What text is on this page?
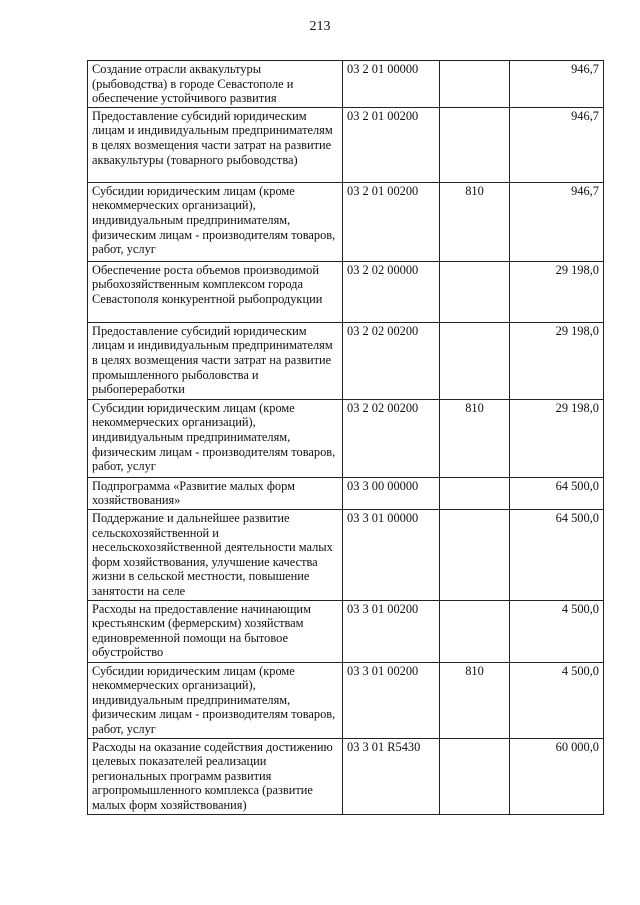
213
Создание отрасли аквакультуры (рыбоводства) в городе Севастополе и обеспечение устойчивого развития	03 2 01 00000		946,7
Предоставление субсидий юридическим лицам и индивидуальным предпринимателям в целях возмещения части затрат на развитие аквакультуры (товарного рыбоводства)	03 2 01 00200		946,7
Субсидии юридическим лицам (кроме некоммерческих организаций), индивидуальным предпринимателям, физическим лицам - производителям товаров, работ, услуг	03 2 01 00200	810	946,7
Обеспечение роста объемов производимой рыбохозяйственным комплексом города Севастополя конкурентной рыбопродукции	03 2 02 00000		29 198,0
Предоставление субсидий юридическим лицам и индивидуальным предпринимателям в целях возмещения части затрат на развитие промышленного рыболовства и рыбопереработки	03 2 02 00200		29 198,0
Субсидии юридическим лицам (кроме некоммерческих организаций), индивидуальным предпринимателям, физическим лицам - производителям товаров, работ, услуг	03 2 02 00200	810	29 198,0
Подпрограмма «Развитие малых форм хозяйствования»	03 3 00 00000		64 500,0
Поддержание и дальнейшее развитие сельскохозяйственной и несельскохозяйственной деятельности малых форм хозяйствования, улучшение качества жизни в сельской местности, повышение занятости на селе	03 3 01 00000		64 500,0
Расходы на предоставление начинающим крестьянским (фермерским) хозяйствам единовременной помощи на бытовое обустройство	03 3 01 00200		4 500,0
Субсидии юридическим лицам (кроме некоммерческих организаций), индивидуальным предпринимателям, физическим лицам - производителям товаров, работ, услуг	03 3 01 00200	810	4 500,0
Расходы на оказание содействия достижению целевых показателей реализации региональных программ развития агропромышленного комплекса (развитие малых форм хозяйствования)	03 3 01 R5430		60 000,0
